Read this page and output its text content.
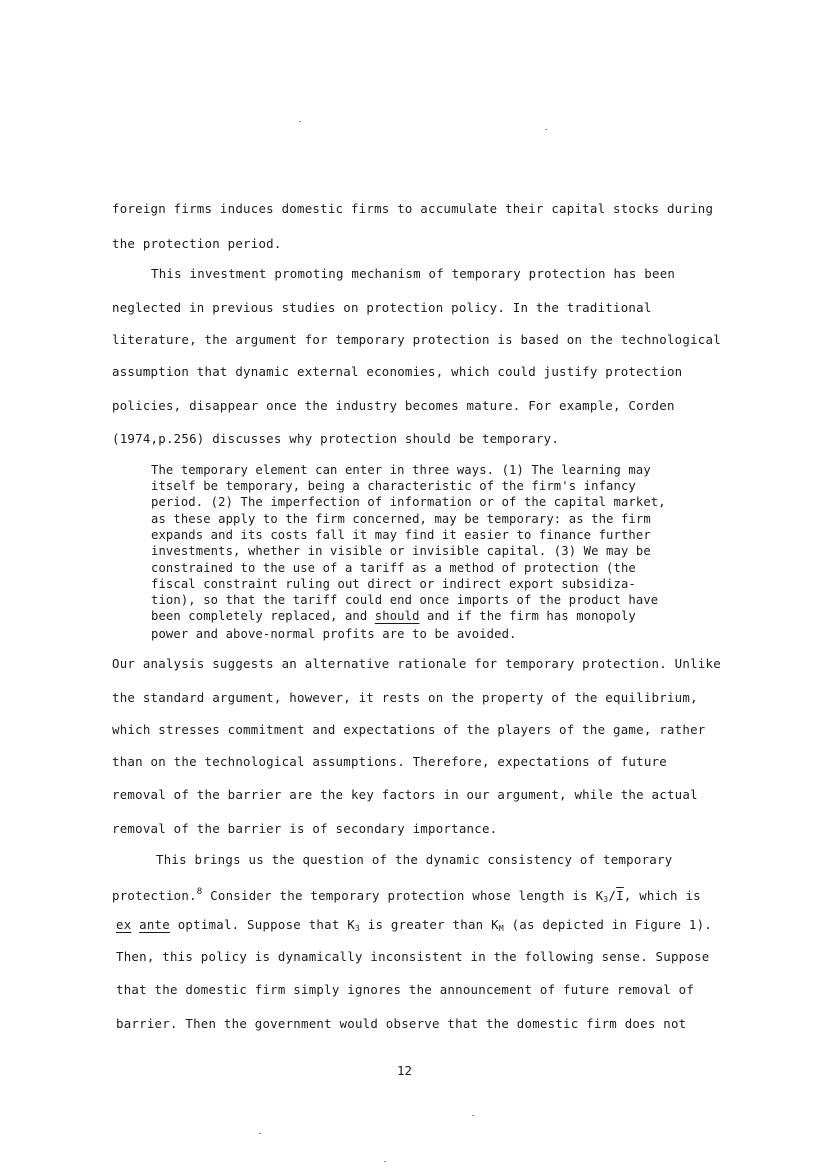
foreign firms induces domestic firms to accumulate their capital stocks during
the protection period.
This investment promoting mechanism of temporary protection has been
neglected in previous studies on protection policy. In the traditional
literature, the argument for temporary protection is based on the technological
assumption that dynamic external economies, which could justify protection
policies, disappear once the industry becomes mature. For example, Corden
(1974,p.256) discusses why protection should be temporary.
The temporary element can enter in three ways. (1) The learning may
itself be temporary, being a characteristic of the firm's infancy
period. (2) The imperfection of information or of the capital market,
as these apply to the firm concerned, may be temporary: as the firm
expands and its costs fall it may find it easier to finance further
investments, whether in visible or invisible capital. (3) We may be
constrained to the use of a tariff as a method of protection (the
fiscal constraint ruling out direct or indirect export subsidiza-
tion), so that the tariff could end once imports of the product have
been completely replaced, and should and if the firm has monopoly
power and above-normal profits are to be avoided.
Our analysis suggests an alternative rationale for temporary protection. Unlike
the standard argument, however, it rests on the property of the equilibrium,
which stresses commitment and expectations of the players of the game, rather
than on the technological assumptions. Therefore, expectations of future
removal of the barrier are the key factors in our argument, while the actual
removal of the barrier is of secondary importance.
This brings us the question of the dynamic consistency of temporary
protection.$^8$ Consider the temporary protection whose length is $K_3/\overline{I}$, which is
ex ante optimal. Suppose that $K_3$ is greater than $K_M$ (as depicted in Figure 1).
Then, this policy is dynamically inconsistent in the following sense. Suppose
that the domestic firm simply ignores the announcement of future removal of
barrier. Then the government would observe that the domestic firm does not
12
